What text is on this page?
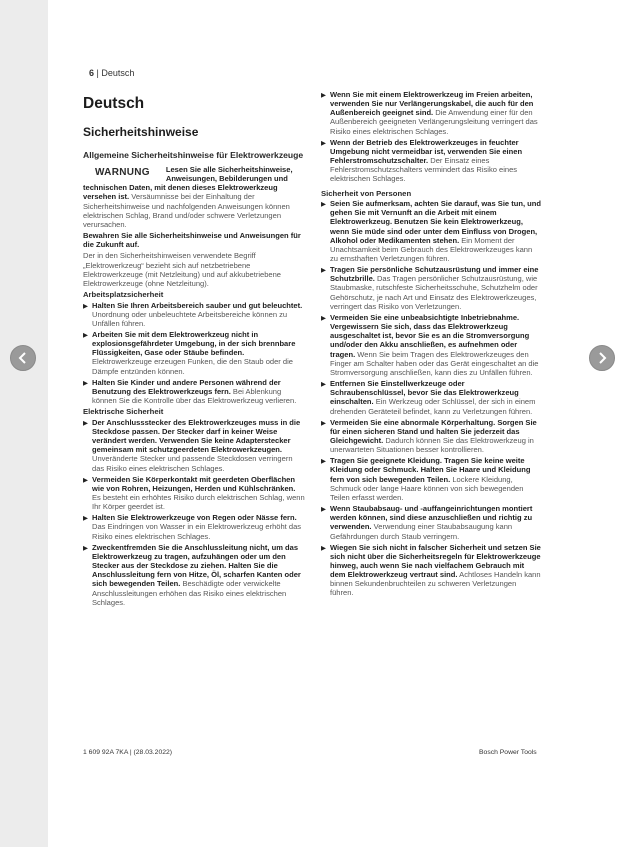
6 | Deutsch
Deutsch
Sicherheitshinweise
Allgemeine Sicherheitshinweise für Elektrowerkzeuge
WARNUNG	Lesen Sie alle Sicherheitshinweise, Anweisungen, Bebilderungen und technischen Daten, mit denen dieses Elektrowerkzeug versehen ist. Versäumnisse bei der Einhaltung der Sicherheitshinweise und nachfolgenden Anweisungen können elektrischen Schlag, Brand und/oder schwere Verletzungen verursachen.

Bewahren Sie alle Sicherheitshinweise und Anweisungen für die Zukunft auf.

Der in den Sicherheitshinweisen verwendete Begriff „Elektrowerkzeug“ bezieht sich auf netzbetriebene Elektrowerkzeuge (mit Netzleitung) und auf akkubetriebene Elektrowerkzeuge (ohne Netzleitung).

Arbeitsplatzsicherheit
▶ Halten Sie Ihren Arbeitsbereich sauber und gut beleuchtet. Unordnung oder unbeleuchtete Arbeitsbereiche können zu Unfällen führen.
▶ Arbeiten Sie mit dem Elektrowerkzeug nicht in explosionsgefährdeter Umgebung, in der sich brennbare Flüssigkeiten, Gase oder Stäube befinden. Elektrowerkzeuge erzeugen Funken, die den Staub oder die Dämpfe entzünden können.
▶ Halten Sie Kinder und andere Personen während der Benutzung des Elektrowerkzeugs fern. Bei Ablenkung können Sie die Kontrolle über das Elektrowerkzeug verlieren.
Elektrische Sicherheit
▶ Der Anschlussstecker des Elektrowerkzeuges muss in die Steckdose passen. Der Stecker darf in keiner Weise verändert werden. Verwenden Sie keine Adapterstecker gemeinsam mit schutzgeerdeten Elektrowerkzeugen. Unveränderte Stecker und passende Steckdosen verringern das Risiko eines elektrischen Schlages.
▶ Vermeiden Sie Körperkontakt mit geerdeten Oberflächen wie von Rohren, Heizungen, Herden und Kühlschränken. Es besteht ein erhöhtes Risiko durch elektrischen Schlag, wenn Ihr Körper geerdet ist.
▶ Halten Sie Elektrowerkzeuge von Regen oder Nässe fern. Das Eindringen von Wasser in ein Elektrowerkzeug erhöht das Risiko eines elektrischen Schlages.
▶ Zweckentfremden Sie die Anschlussleitung nicht, um das Elektrowerkzeug zu tragen, aufzuhängen oder um den Stecker aus der Steckdose zu ziehen. Halten Sie die Anschlussleitung fern von Hitze, Öl, scharfen Kanten oder sich bewegenden Teilen. Beschädigte oder verwickelte Anschlussleitungen erhöhen das Risiko eines elektrischen Schlages.
▶ Wenn Sie mit einem Elektrowerkzeug im Freien arbeiten, verwenden Sie nur Verlängerungskabel, die auch für den Außenbereich geeignet sind. Die Anwendung einer für den Außenbereich geeigneten Verlängerungsleitung verringert das Risiko eines elektrischen Schlages.
▶ Wenn der Betrieb des Elektrowerkzeuges in feuchter Umgebung nicht vermeidbar ist, verwenden Sie einen Fehlerstromschutzschalter. Der Einsatz eines Fehlerstromschutzschalters vermindert das Risiko eines elektrischen Schlages.
Sicherheit von Personen
▶ Seien Sie aufmerksam, achten Sie darauf, was Sie tun, und gehen Sie mit Vernunft an die Arbeit mit einem Elektrowerkzeug. Benutzen Sie kein Elektrowerkzeug, wenn Sie müde sind oder unter dem Einfluss von Drogen, Alkohol oder Medikamenten stehen. Ein Moment der Unachtsamkeit beim Gebrauch des Elektrowerkzeuges kann zu ernsthaften Verletzungen führen.
▶ Tragen Sie persönliche Schutzausrüstung und immer eine Schutzbrille. Das Tragen persönlicher Schutzausrüstung, wie Staubmaske, rutschfeste Sicherheitsschuhe, Schutzhelm oder Gehörschutz, je nach Art und Einsatz des Elektrowerkzeuges, verringert das Risiko von Verletzungen.
▶ Vermeiden Sie eine unbeabsichtigte Inbetriebnahme. Vergewissern Sie sich, dass das Elektrowerkzeug ausgeschaltet ist, bevor Sie es an die Stromversorgung und/oder den Akku anschließen, es aufnehmen oder tragen. Wenn Sie beim Tragen des Elektrowerkzeuges den Finger am Schalter haben oder das Gerät eingeschaltet an die Stromversorgung anschließen, kann dies zu Unfällen führen.
▶ Entfernen Sie Einstellwerkzeuge oder Schraubenschlüssel, bevor Sie das Elektrowerkzeug einschalten. Ein Werkzeug oder Schlüssel, der sich in einem drehenden Geräteteil befindet, kann zu Verletzungen führen.
▶ Vermeiden Sie eine abnormale Körperhaltung. Sorgen Sie für einen sicheren Stand und halten Sie jederzeit das Gleichgewicht. Dadurch können Sie das Elektrowerkzeug in unerwarteten Situationen besser kontrollieren.
▶ Tragen Sie geeignete Kleidung. Tragen Sie keine weite Kleidung oder Schmuck. Halten Sie Haare und Kleidung fern von sich bewegenden Teilen. Lockere Kleidung, Schmuck oder lange Haare können von sich bewegenden Teilen erfasst werden.
▶ Wenn Staubabsaug- und -auffangeinrichtungen montiert werden können, sind diese anzuschließen und richtig zu verwenden. Verwendung einer Staubabsaugung kann Gefährdungen durch Staub verringern.
▶ Wiegen Sie sich nicht in falscher Sicherheit und setzen Sie sich nicht über die Sicherheitsregeln für Elektrowerkzeuge hinweg, auch wenn Sie nach vielfachem Gebrauch mit dem Elektrowerkzeug vertraut sind. Achtloses Handeln kann binnen Sekundenbruchteilen zu schweren Verletzungen führen.
1 609 92A 7KA | (28.03.2022)	Bosch Power Tools
